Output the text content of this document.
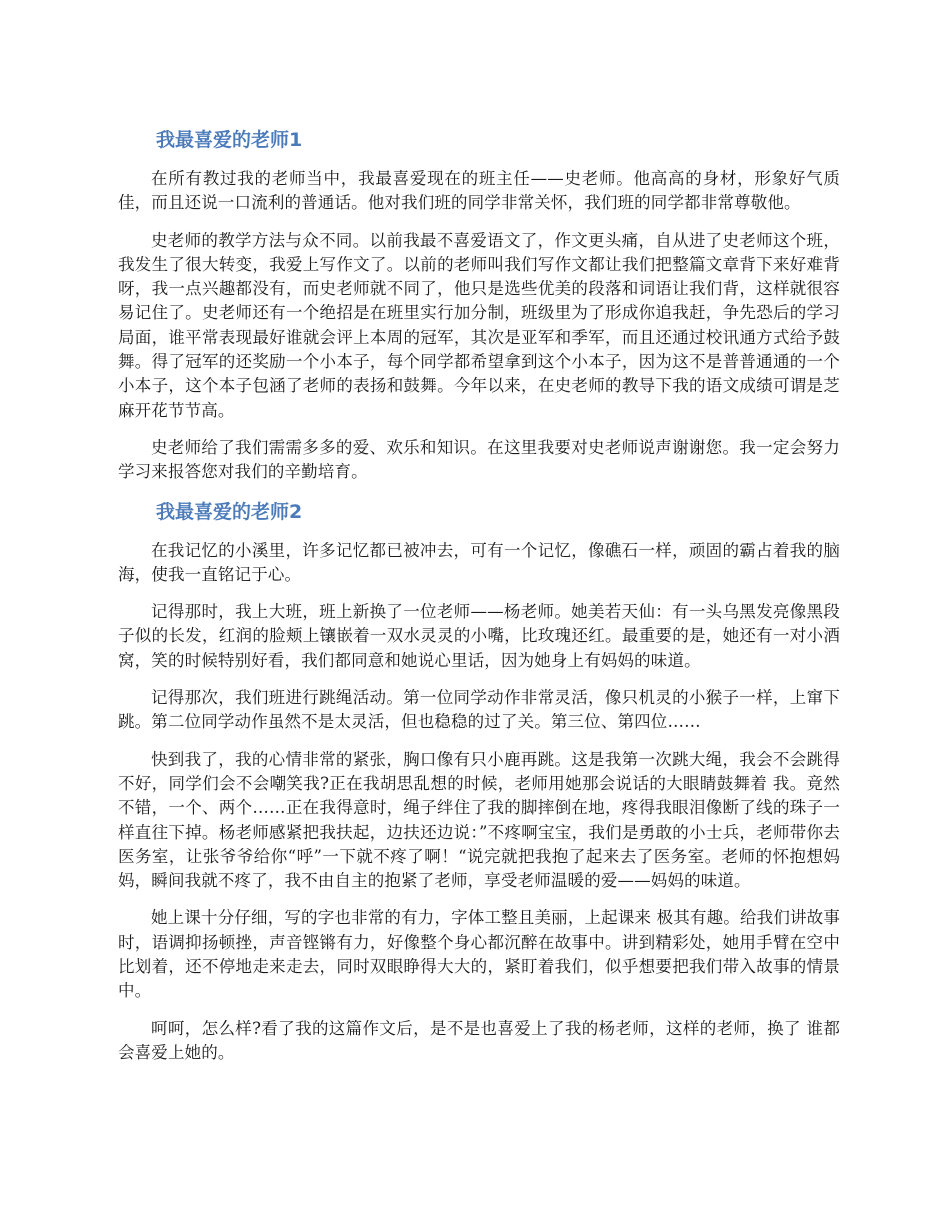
我最喜爱的老师1

在所有教过我的老师当中，我最喜爱现在的班主任——史老师。他高高的身材，形象好气质佳，而且还说一口流利的普通话。他对我们班的同学非常关怀，我们班的同学都非常尊敬他。

史老师的教学方法与众不同。以前我最不喜爱语文了，作文更头痛，自从进了史老师这个班，我发生了很大转变，我爱上写作文了。以前的老师叫我们写作文都让我们把整篇文章背下来好难背呀，我一点兴趣都没有，而史老师就不同了，他只是选些优美的段落和词语让我们背，这样就很容易记住了。史老师还有一个绝招是在班里实行加分制，班级里为了形成你追我赶，争先恐后的学习局面，谁平常表现最好谁就会评上本周的冠军，其次是亚军和季军，而且还通过校讯通方式给予鼓舞。得了冠军的还奖励一个小本子，每个同学都希望拿到这个小本子，因为这不是普普通通的一个小本子，这个本子包涵了老师的表扬和鼓舞。今年以来，在史老师的教导下我的语文成绩可谓是芝麻开花节节高。

史老师给了我们需需多多的爱、欢乐和知识。在这里我要对史老师说声谢谢您。我一定会努力学习来报答您对我们的辛勤培育。

我最喜爱的老师2

在我记忆的小溪里，许多记忆都已被冲去，可有一个记忆，像礁石一样，顽固的霸占着我的脑海，使我一直铭记于心。

记得那时，我上大班，班上新换了一位老师——杨老师。她美若天仙：有一头乌黑发亮像黑段子似的长发，红润的脸颊上镶嵌着一双水灵灵的小嘴，比玫瑰还红。最重要的是，她还有一对小酒窝，笑的时候特别好看，我们都同意和她说心里话，因为她身上有妈妈的味道。

记得那次，我们班进行跳绳活动。第一位同学动作非常灵活，像只机灵的小猴子一样，上窜下跳。第二位同学动作虽然不是太灵活，但也稳稳的过了关。第三位、第四位……

快到我了，我的心情非常的紧张，胸口像有只小鹿再跳。这是我第一次跳大绳，我会不会跳得不好，同学们会不会嘲笑我?正在我胡思乱想的时候，老师用她那会说话的大眼睛鼓舞着 我。竟然不错，一个、两个……正在我得意时，绳子绊住了我的脚摔倒在地，疼得我眼泪像断了线的珠子一样直往下掉。杨老师感紧把我扶起，边扶还边说：”不疼啊宝宝，我们是勇敢的小士兵，老师带你去医务室，让张爷爷给你“呼”一下就不疼了啊！“说完就把我抱了起来去了医务室。老师的怀抱想妈妈，瞬间我就不疼了，我不由自主的抱紧了老师，享受老师温暖的爱——妈妈的味道。

她上课十分仔细，写的字也非常的有力，字体工整且美丽，上起课来 极其有趣。给我们讲故事时，语调抑扬顿挫，声音铿锵有力，好像整个身心都沉醉在故事中。讲到精彩处，她用手臂在空中比划着，还不停地走来走去，同时双眼睁得大大的，紧盯着我们，似乎想要把我们带入故事的情景中。

呵呵，怎么样?看了我的这篇作文后，是不是也喜爱上了我的杨老师，这样的老师，换了 谁都会喜爱上她的。
